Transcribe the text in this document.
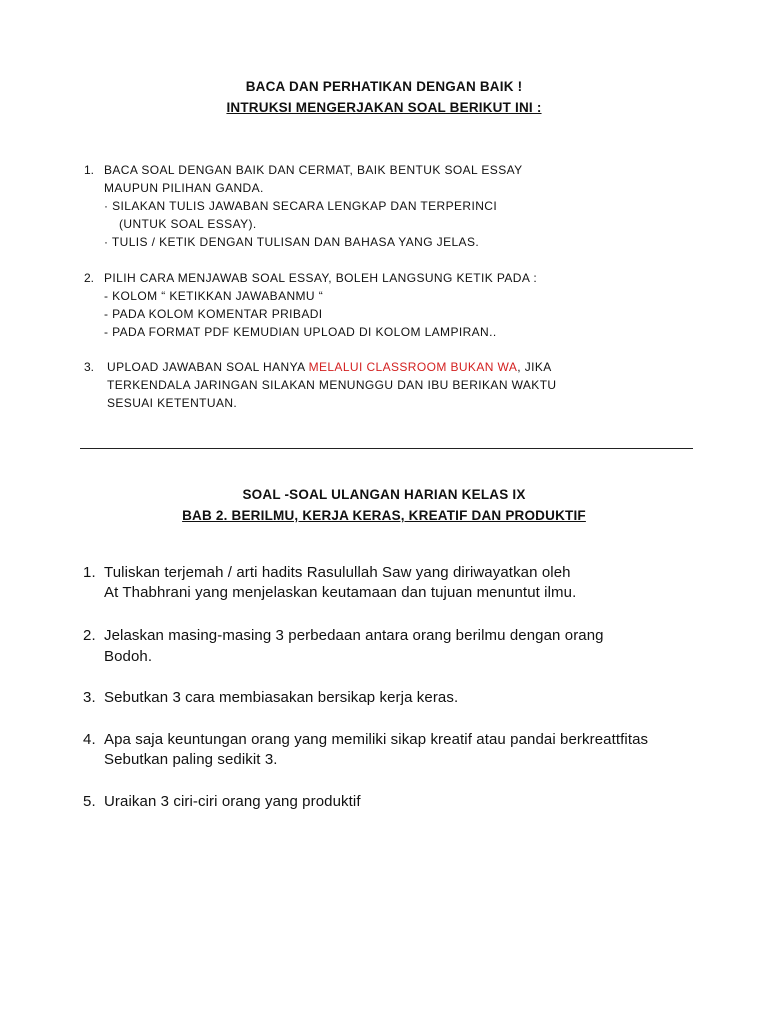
BACA DAN PERHATIKAN DENGAN BAIK !
INTRUKSI MENGERJAKAN SOAL BERIKUT INI :
1. BACA SOAL DENGAN BAIK DAN CERMAT, BAIK BENTUK SOAL ESSAY
MAUPUN PILIHAN GANDA.
· SILAKAN TULIS JAWABAN SECARA LENGKAP DAN TERPERINCI
(UNTUK SOAL ESSAY).
· TULIS / KETIK DENGAN TULISAN DAN BAHASA YANG JELAS.
2. PILIH CARA MENJAWAB SOAL ESSAY, BOLEH LANGSUNG KETIK PADA :
- KOLOM “ KETIKKAN JAWABANMU “
- PADA KOLOM KOMENTAR PRIBADI
- PADA FORMAT PDF KEMUDIAN UPLOAD DI KOLOM LAMPIRAN..
3. UPLOAD JAWABAN SOAL HANYA MELALUI CLASSROOM BUKAN WA, JIKA
TERKENDALA JARINGAN SILAKAN MENUNGGU DAN IBU BERIKAN WAKTU
SESUAI KETENTUAN.
SOAL -SOAL ULANGAN HARIAN KELAS IX
BAB 2. BERILMU, KERJA KERAS, KREATIF DAN PRODUKTIF
1. Tuliskan terjemah / arti hadits Rasulullah Saw yang diriwayatkan oleh
At Thabhrani yang menjelaskan keutamaan dan tujuan menuntut ilmu.
2. Jelaskan masing-masing 3 perbedaan antara orang berilmu dengan orang
Bodoh.
3. Sebutkan 3 cara membiasakan bersikap kerja keras.
4. Apa saja keuntungan orang yang memiliki sikap kreatif atau pandai berkreattfitas
Sebutkan paling sedikit 3.
5. Uraikan 3 ciri-ciri orang yang produktif
